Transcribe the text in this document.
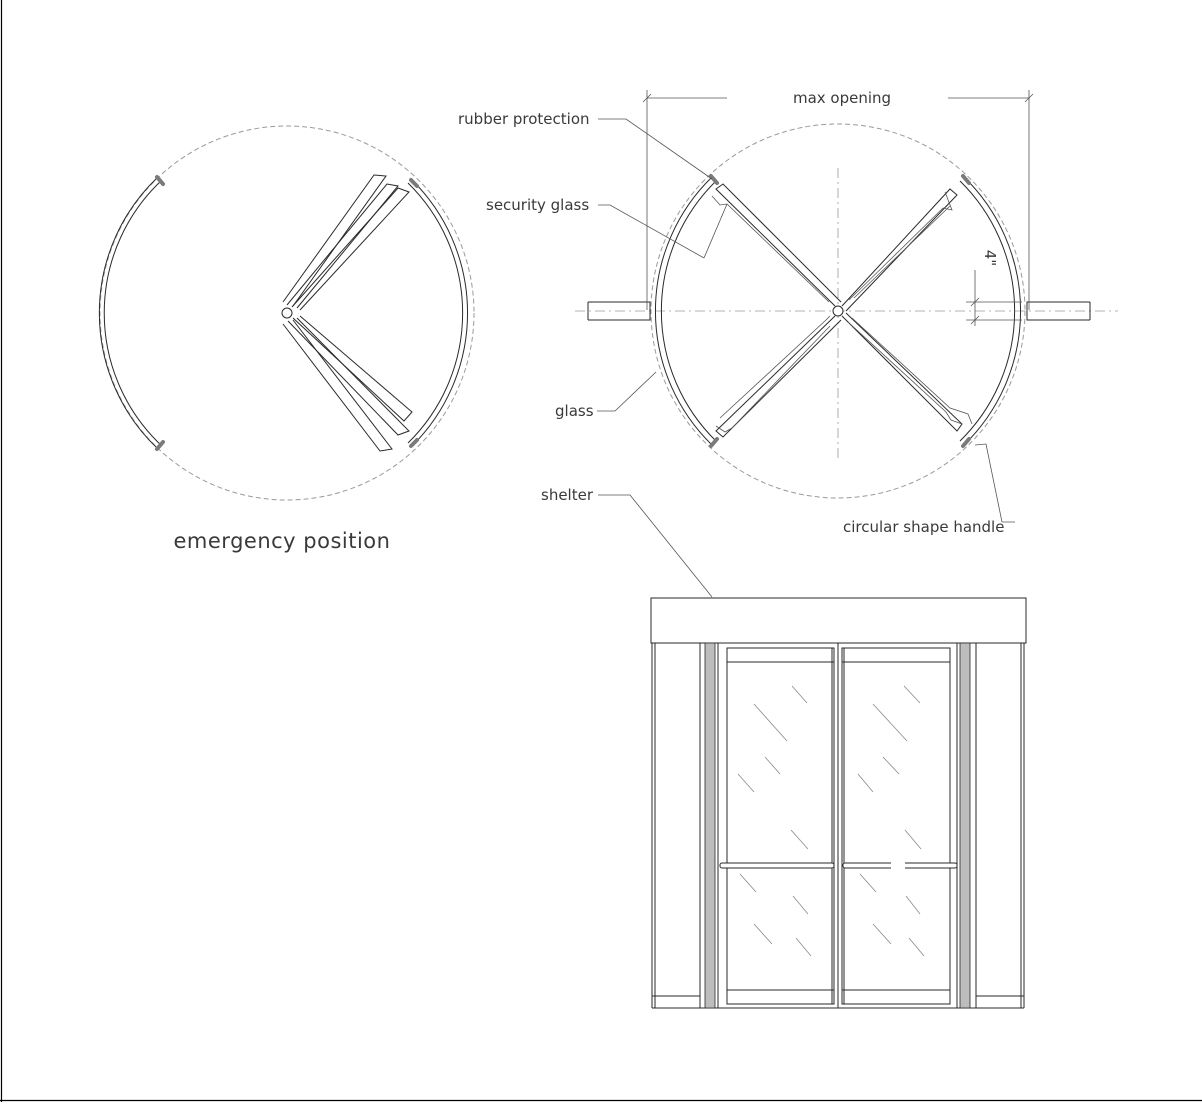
emergency position
max opening
4"
rubber protection
security glass
glass
shelter
circular shape handle
